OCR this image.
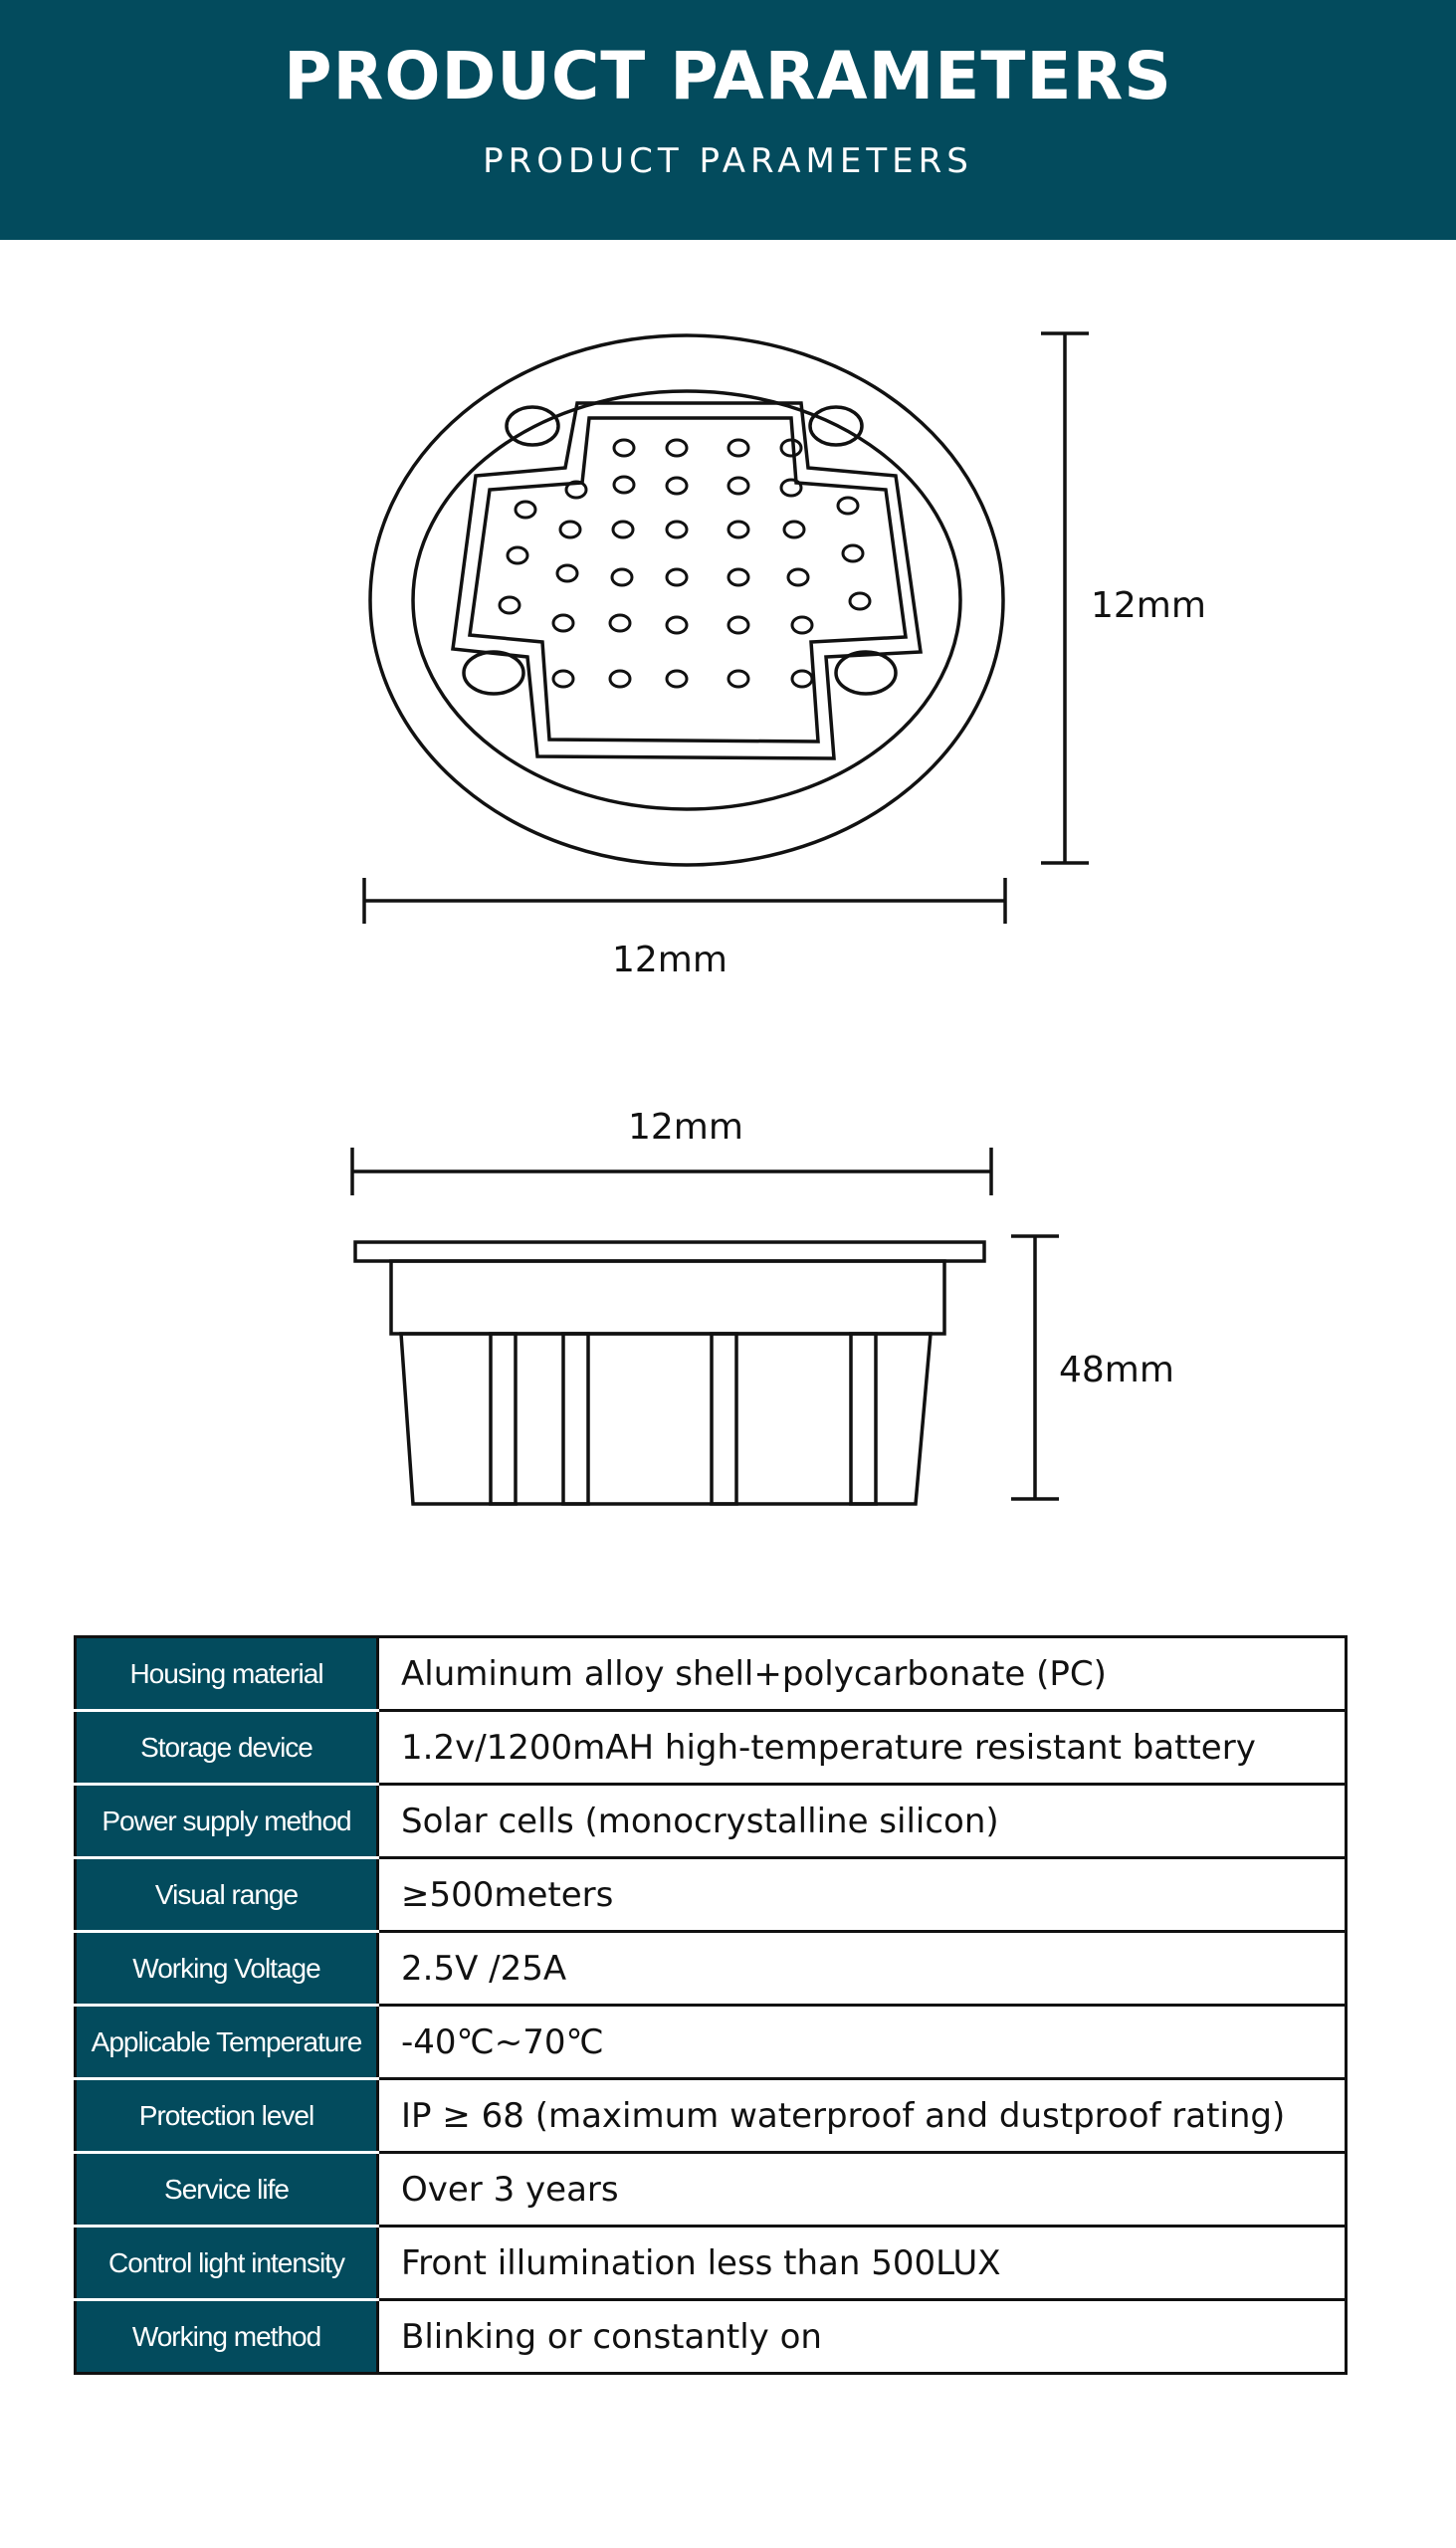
PRODUCT PARAMETERS
PRODUCT PARAMETERS
12mm
12mm
12mm
48mm
Housing material	Aluminum alloy shell+polycarbonate (PC)
Storage device	1.2v/1200mAH high-temperature resistant battery
Power supply method	Solar cells (monocrystalline silicon)
Visual range	≥500meters
Working Voltage	2.5V /25A
Applicable Temperature	-40℃~70℃
Protection level	IP ≥ 68 (maximum waterproof and dustproof rating)
Service life	Over 3 years
Control light intensity	Front illumination less than 500LUX
Working method	Blinking or constantly on
